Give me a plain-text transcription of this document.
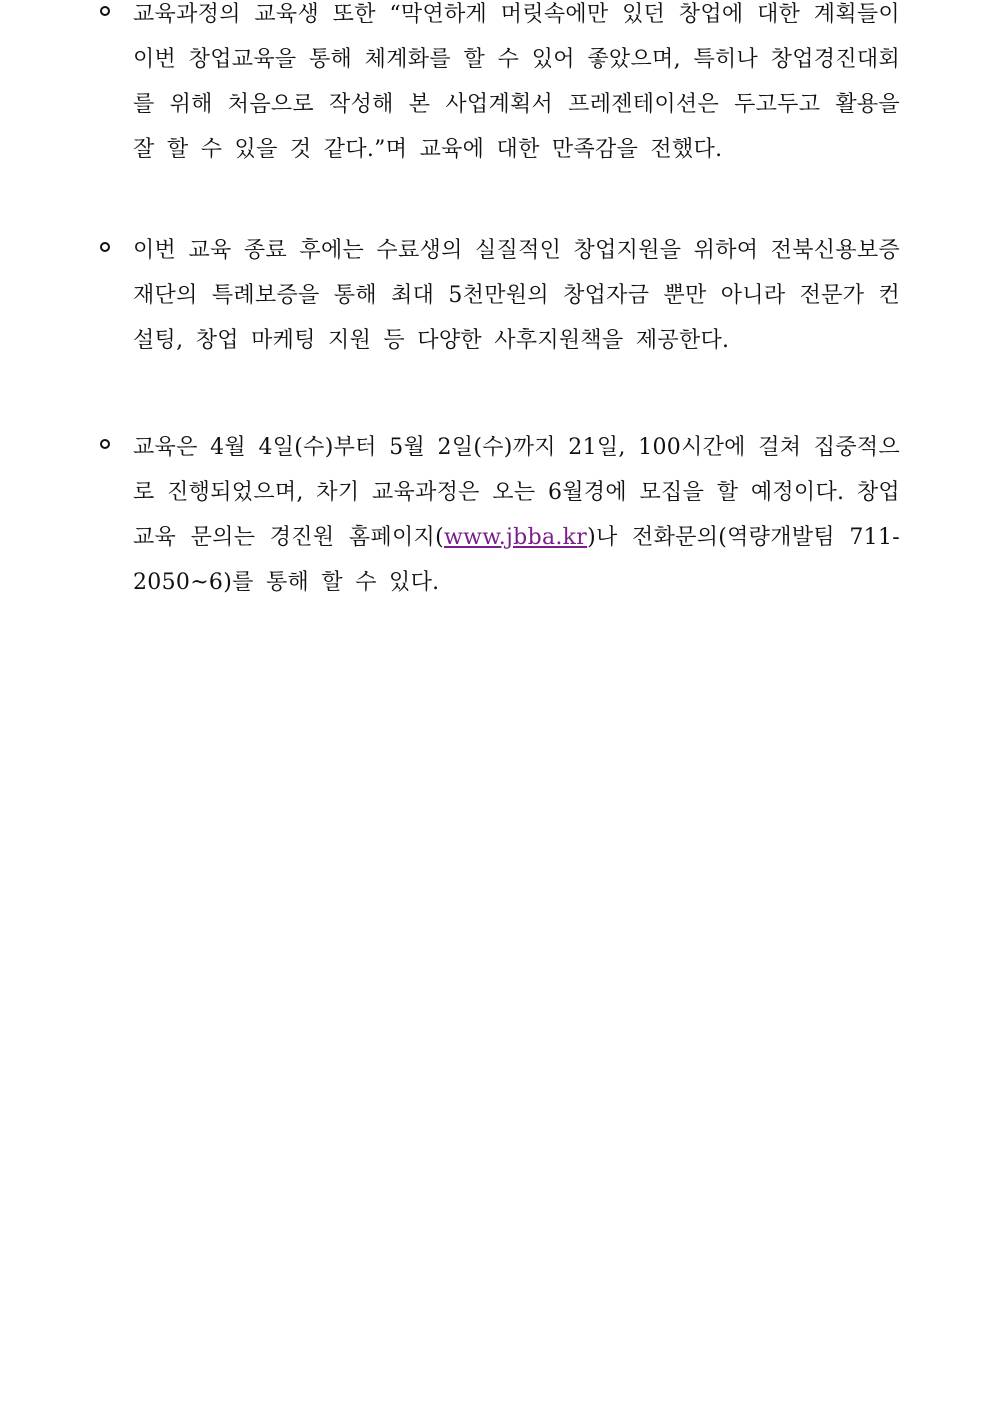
교육과정의 교육생 또한 “막연하게 머릿속에만 있던 창업에 대한 계획들이 이번 창업교육을 통해 체계화를 할 수 있어 좋았으며, 특히나 창업경진대회를 위해 처음으로 작성해 본 사업계획서 프레젠테이션은 두고두고 활용을 잘 할 수 있을 것 같다.”며 교육에 대한 만족감을 전했다.
이번 교육 종료 후에는 수료생의 실질적인 창업지원을 위하여 전북신용보증재단의 특례보증을 통해 최대 5천만원의 창업자금 뿐만 아니라 전문가 컨설팅, 창업 마케팅 지원 등 다양한 사후지원책을 제공한다.
교육은 4월 4일(수)부터 5월 2일(수)까지 21일, 100시간에 걸쳐 집중적으로 진행되었으며, 차기 교육과정은 오는 6월경에 모집을 할 예정이다. 창업교육 문의는 경진원 홈페이지(www.jbba.kr)나 전화문의(역량개발팀 711-2050~6)를 통해 할 수 있다.
